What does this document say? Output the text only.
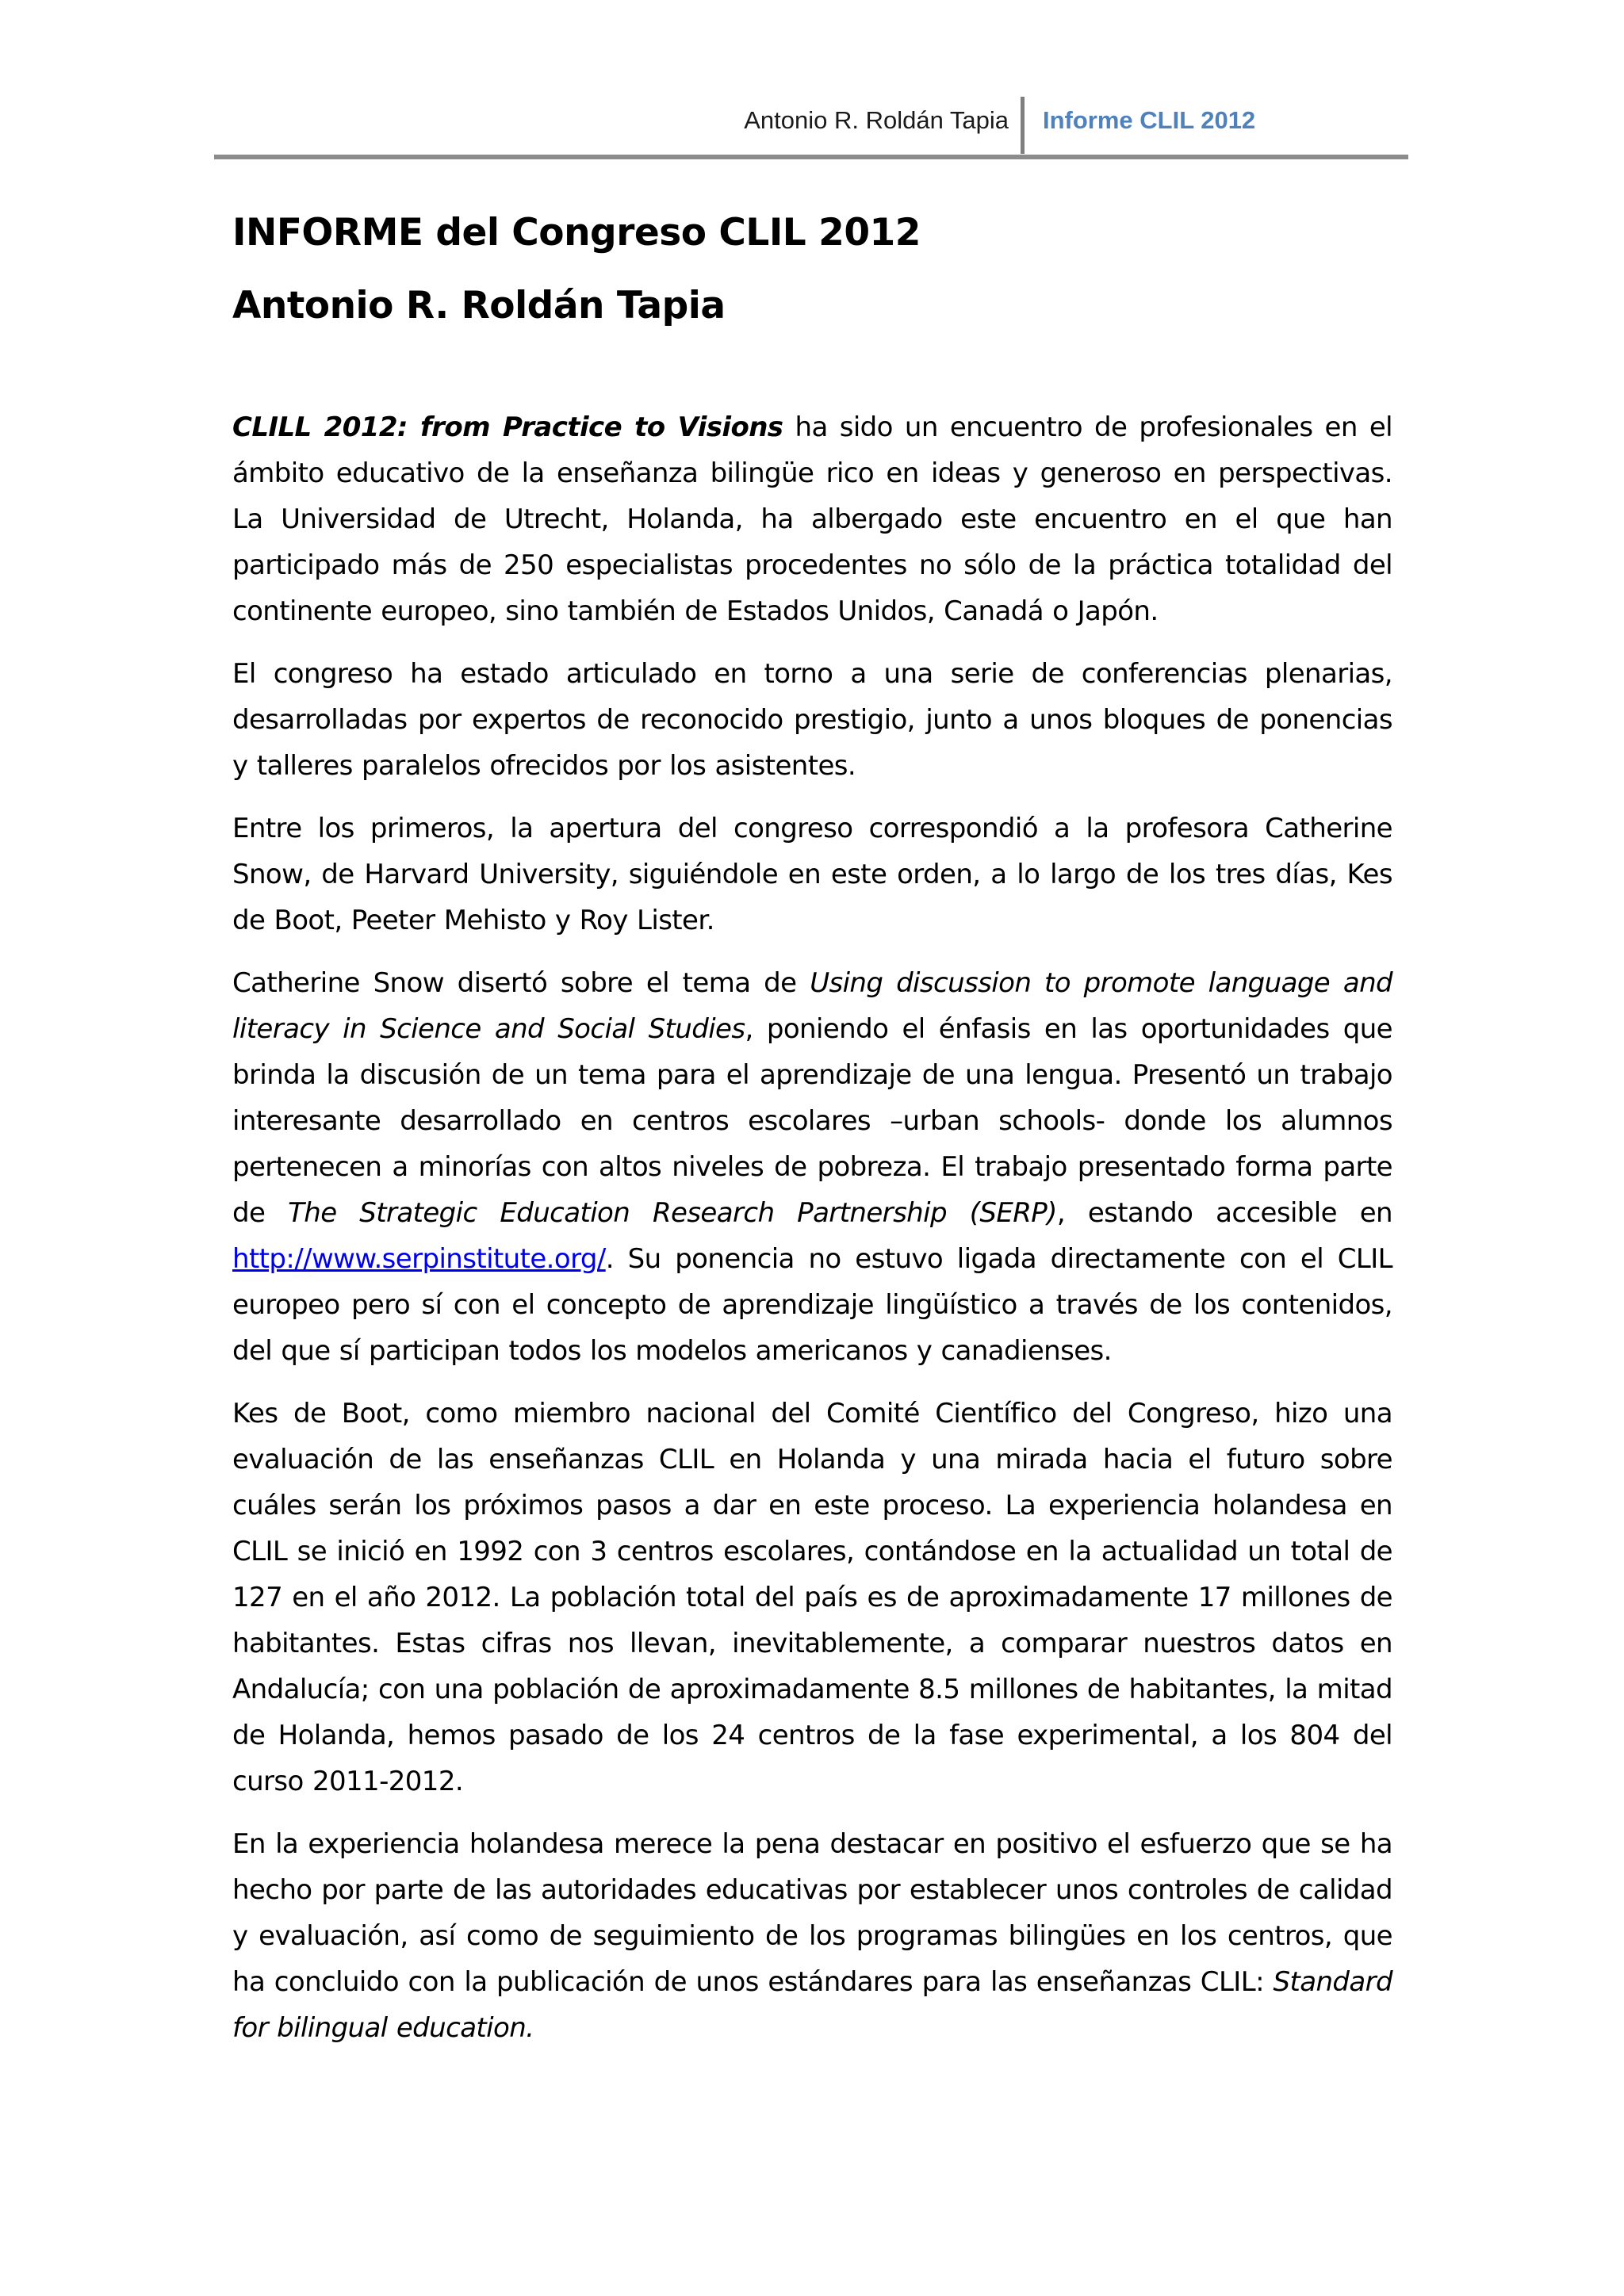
Antonio R. Roldán Tapia Informe CLIL 2012
INFORME del Congreso CLIL 2012
Antonio R. Roldán Tapia

CLILL 2012: from Practice to Visions ha sido un encuentro de profesionales en el ámbito educativo de la enseñanza bilingüe rico en ideas y generoso en perspectivas. La Universidad de Utrecht, Holanda, ha albergado este encuentro en el que han participado más de 250 especialistas procedentes no sólo de la práctica totalidad del continente europeo, sino también de Estados Unidos, Canadá o Japón.

El congreso ha estado articulado en torno a una serie de conferencias plenarias, desarrolladas por expertos de reconocido prestigio, junto a unos bloques de ponencias y talleres paralelos ofrecidos por los asistentes.

Entre los primeros, la apertura del congreso correspondió a la profesora Catherine Snow, de Harvard University, siguiéndole en este orden, a lo largo de los tres días, Kes de Boot, Peeter Mehisto y Roy Lister.

Catherine Snow disertó sobre el tema de Using discussion to promote language and literacy in Science and Social Studies, poniendo el énfasis en las oportunidades que brinda la discusión de un tema para el aprendizaje de una lengua. Presentó un trabajo interesante desarrollado en centros escolares –urban schools- donde los alumnos pertenecen a minorías con altos niveles de pobreza. El trabajo presentado forma parte de The Strategic Education Research Partnership (SERP), estando accesible en http://www.serpinstitute.org/. Su ponencia no estuvo ligada directamente con el CLIL europeo pero sí con el concepto de aprendizaje lingüístico a través de los contenidos, del que sí participan todos los modelos americanos y canadienses.

Kes de Boot, como miembro nacional del Comité Científico del Congreso, hizo una evaluación de las enseñanzas CLIL en Holanda y una mirada hacia el futuro sobre cuáles serán los próximos pasos a dar en este proceso. La experiencia holandesa en CLIL se inició en 1992 con 3 centros escolares, contándose en la actualidad un total de 127 en el año 2012. La población total del país es de aproximadamente 17 millones de habitantes. Estas cifras nos llevan, inevitablemente, a comparar nuestros datos en Andalucía; con una población de aproximadamente 8.5 millones de habitantes, la mitad de Holanda, hemos pasado de los 24 centros de la fase experimental, a los 804 del curso 2011-2012.

En la experiencia holandesa merece la pena destacar en positivo el esfuerzo que se ha hecho por parte de las autoridades educativas por establecer unos controles de calidad y evaluación, así como de seguimiento de los programas bilingües en los centros, que ha concluido con la publicación de unos estándares para las enseñanzas CLIL: Standard for bilingual education.
